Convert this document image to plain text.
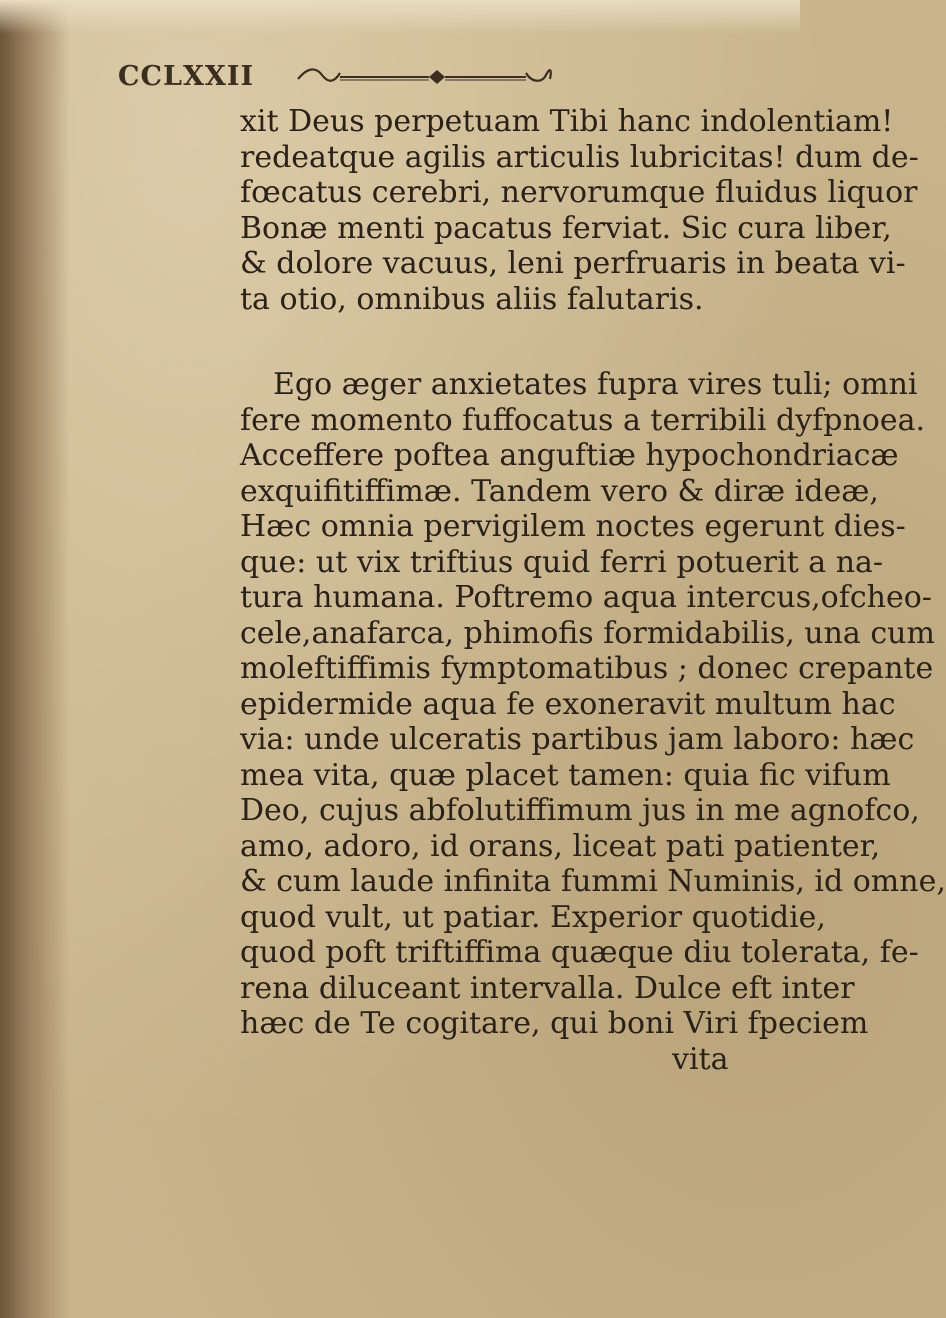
CCLXXII
xit Deus perpetuam Tibi hanc indolentiam!
redeatque agilis articulis lubricitas! dum de-
fœcatus cerebri, nervorumque fluidus liquor
Bonæ menti pacatus ferviat. Sic cura liber,
& dolore vacuus, leni perfruaris in beata vi-
ta otio, omnibus aliis falutaris.
Ego æger anxietates fupra vires tuli; omni
fere momento fuffocatus a terribili dyfpnoea.
Acceffere poftea anguftiæ hypochondriacæ
exquifitiffimæ. Tandem vero & diræ ideæ,
Hæc omnia pervigilem noctes egerunt dies-
que: ut vix triftius quid ferri potuerit a na-
tura humana. Poftremo aqua intercus,ofcheo-
cele,anafarca, phimofis formidabilis, una cum
moleftiffimis fymptomatibus ; donec crepante
epidermide aqua fe exoneravit multum hac
via: unde ulceratis partibus jam laboro: hæc
mea vita, quæ placet tamen: quia fic vifum
Deo, cujus abfolutiffimum jus in me agnofco,
amo, adoro, id orans, liceat pati patienter,
& cum laude infinita fummi Numinis, id omne,
quod vult, ut patiar. Experior quotidie,
quod poft triftiffima quæque diu tolerata, fe-
rena diluceant intervalla. Dulce eft inter
hæc de Te cogitare, qui boni Viri fpeciem
vita
